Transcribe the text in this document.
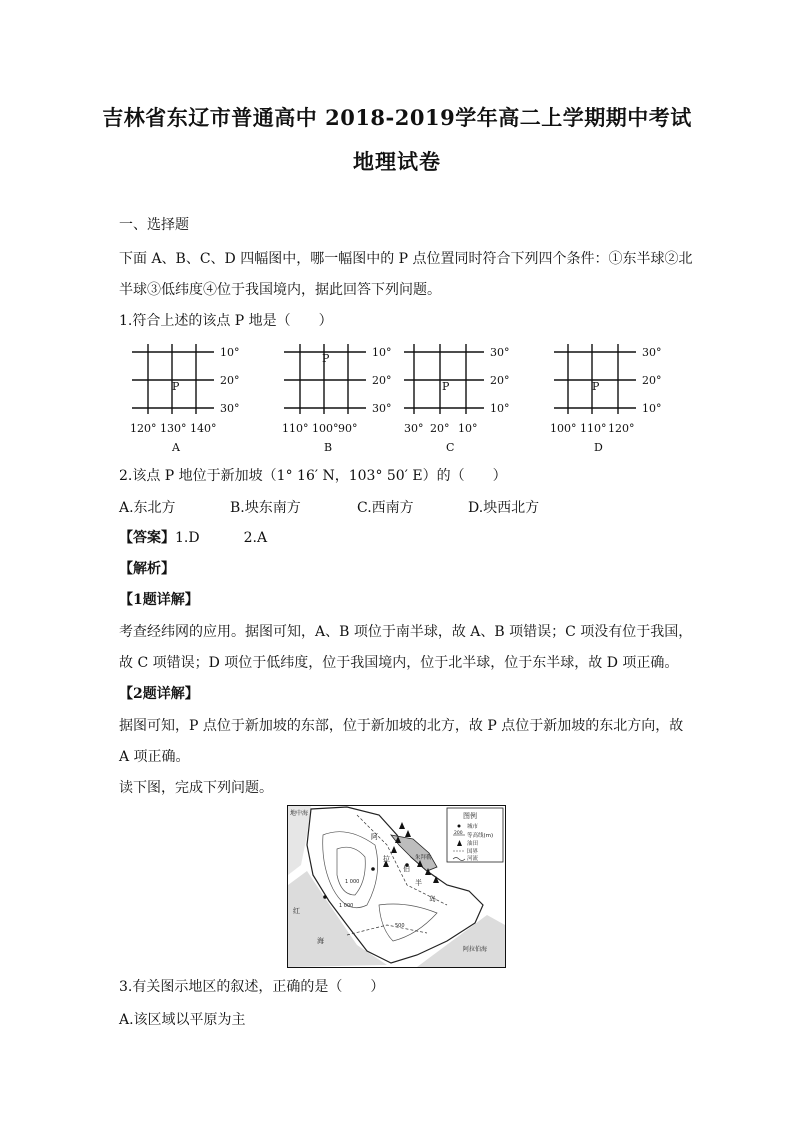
吉林省东辽市普通高中 2018-2019学年高二上学期期中考试
地理试卷
一、选择题
下面 A、B、C、D 四幅图中，哪一幅图中的 P 点位置同时符合下列四个条件：①东半球②北
半球③低纬度④位于我国境内，据此回答下列问题。
1.符合上述的该点 P 地是（　　）
10°
20°
30°
120° 130° 140°
P
A
10°
20°
30°
110° 100° 90°
P
B
30°
20°
10°
30° 20° 10°
P
C
30°
20°
10°
100° 110° 120°
P
D
2.该点 P 地位于新加坡（1° 16′ N，103° 50′ E）的（　　）
A.东北方	B.坱东南方	C.西南方	D.坱西北方
【答案】1.D	2.A
【解析】
【1题详解】
考查经纬网的应用。据图可知，A、B 项位于南半球，故 A、B 项错误；C 项没有位于我国，
故 C 项错误；D 项位于低纬度，位于我国境内，位于北半球，位于东半球，故 D 项正确。
【2题详解】
据图可知，P 点位于新加坡的东部，位于新加坡的北方，故 P 点位于新加坡的东北方向，故
A 项正确。
读下图，完成下列问题。
图例
城市
200 等高线(m)
油田
国界
河流
地中海
阿
拉
伯
半
岛
红
海
阿拉伯海
1 000
1 000
500
朱拜勒
3.有关图示地区的叙述，正确的是（　　）
A.该区域以平原为主
